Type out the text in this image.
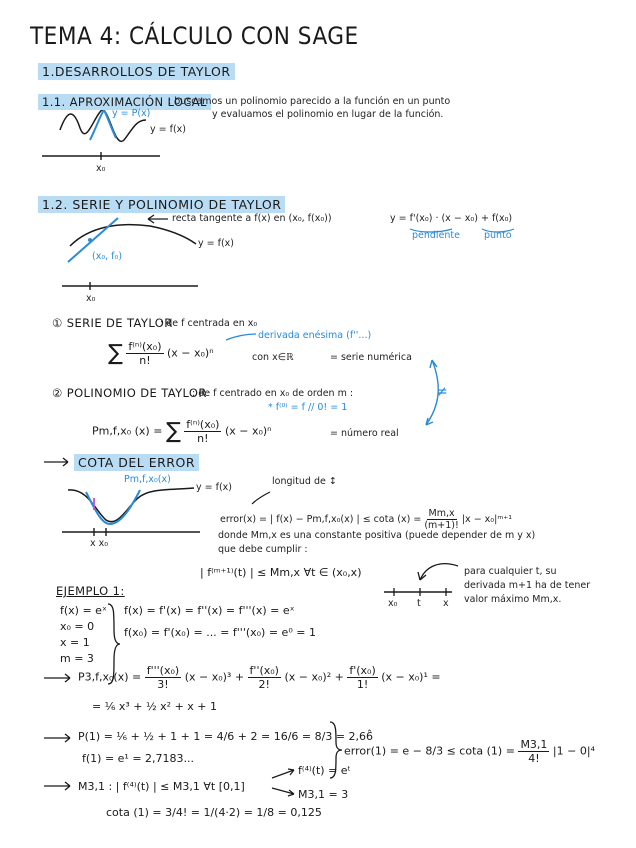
TEMA 4: CÁLCULO CON SAGE
1.DESARROLLOS DE TAYLOR
1.1. APROXIMACIÓN LOCAL
: buscamos un polinomio parecido a la función en un punto
y evaluamos el polinomio en lugar de la función.
y = P(x)
y = f(x)
x₀
1.2. SERIE Y POLINOMIO DE TAYLOR
recta tangente a f(x) en (x₀, f(x₀))	y = f'(x₀) · (x − x₀) + f(x₀)
pendiente	punto
(x₀, f₀)
y = f(x)
x₀
① SERIE DE TAYLOR
: de f centrada en x₀
derivada enésima (f''...)
∑ $\frac{\text{f⁽ⁿ⁾(x₀)}}{n!} (x - x_0)^n$	con x∈ℝ	= serie numérica
② POLINOMIO DE TAYLOR
: de f centrado en x₀ de orden m :
* f⁽⁰⁾ = f // 0! = 1
Pm,f,x₀ (x) = ∑ $\frac{\text{f⁽ⁿ⁾(x₀)}}{n!} (x - x_0)^n$	= número real
≠
COTA DEL ERROR
Pm,f,x₀(x)
y = f(x)
longitud de ↕
x x₀
error(x) = | f(x) − Pm,f,x₀(x) | ≤ cota $(x) = \frac{Mm,x}{(m+1)!} |x$ − x₀|ᵐ⁺¹
donde Mm,x es una constante positiva (puede depender de m y x)
que debe cumplir :
| f⁽ᵐ⁺¹⁾(t) | ≤ Mm,x ∀t ∈ (x₀,x)	para cualquier t, su
derivada m+1 ha de tener
valor máximo Mm,x.
x₀ t x
EJEMPLO 1:
f(x) = eˣ
x₀ = 0
x = 1
m = 3
f(x) = f'(x) = f''(x) = f'''(x) = eˣ
f(x₀) = f'(x₀) = ... = f'''(x₀) = e⁰ = 1
$P3,f,x_0(x) = \frac{\text{f'''(x₀)}}{3!} (x - x_0)^3 + \frac{\text{f''(x₀)}}{2!} (x - x_0)^2 + \frac{\text{f'(x₀)}}{1!} (x - x_0)^1$ =
= ⅙ x³ + ½ x² + x + 1
P(1) = ⅙ + ½ + 1 + 1 = 4/6 + 2 = 16/6 = 8/3 = 2,66̂
f(1) = e¹ = 2,7183...
error(1) = e − 8/3 ≤ cota $(1) = \frac{M3,1}{4!} |1 - 0|^4$
M3,1 : | f⁽⁴⁾(t) | ≤ M3,1 ∀t [0,1]
f⁽⁴⁾(t) = eᵗ
M3,1 = 3
cota (1) = 3/4! = 1/(4·2) = 1/8 = 0,125
